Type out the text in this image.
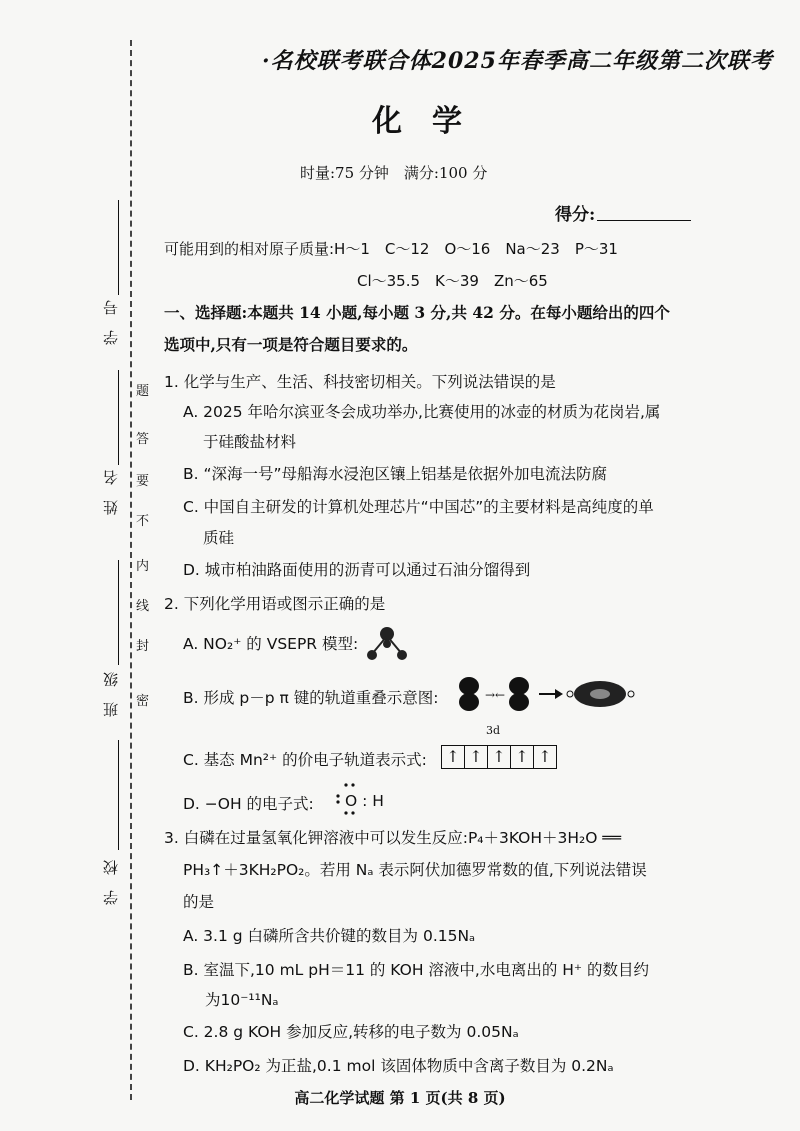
学　号
姓　名
班　级
学　校
密
封
线
内
不
要
答
题
·名校联考联合体2025年春季高二年级第二次联考
化学
时量:75 分钟　满分:100 分
得分:
可能用到的相对原子质量:H～1　C～12　O～16　Na～23　P～31
Cl～35.5　K～39　Zn～65
一、选择题:本题共 14 小题,每小题 3 分,共 42 分。在每小题给出的四个
选项中,只有一项是符合题目要求的。
1. 化学与生产、生活、科技密切相关。下列说法错误的是
A. 2025 年哈尔滨亚冬会成功举办,比赛使用的冰壶的材质为花岗岩,属
于硅酸盐材料
B. “深海一号”母船海水浸泡区镶上铝基是依据外加电流法防腐
C. 中国自主研发的计算机处理芯片“中国芯”的主要材料是高纯度的单
质硅
D. 城市柏油路面使用的沥青可以通过石油分馏得到
2. 下列化学用语或图示正确的是
A. NO₂⁺ 的 VSEPR 模型:
B. 形成 p－p π 键的轨道重叠示意图:	→←
C. 基态 Mn²⁺ 的价电子轨道表示式:
3d
↑ ↑ ↑ ↑ ↑
D. −OH 的电子式: O : H
3. 白磷在过量氢氧化钾溶液中可以发生反应:P₄＋3KOH＋3H₂O ══
PH₃↑＋3KH₂PO₂。若用 Nₐ 表示阿伏加德罗常数的值,下列说法错误
的是
A. 3.1 g 白磷所含共价键的数目为 0.15Nₐ
B. 室温下,10 mL pH＝11 的 KOH 溶液中,水电离出的 H⁺ 的数目约
为10⁻¹¹Nₐ
C. 2.8 g KOH 参加反应,转移的电子数为 0.05Nₐ
D. KH₂PO₂ 为正盐,0.1 mol 该固体物质中含离子数目为 0.2Nₐ
高二化学试题 第 1 页(共 8 页)
